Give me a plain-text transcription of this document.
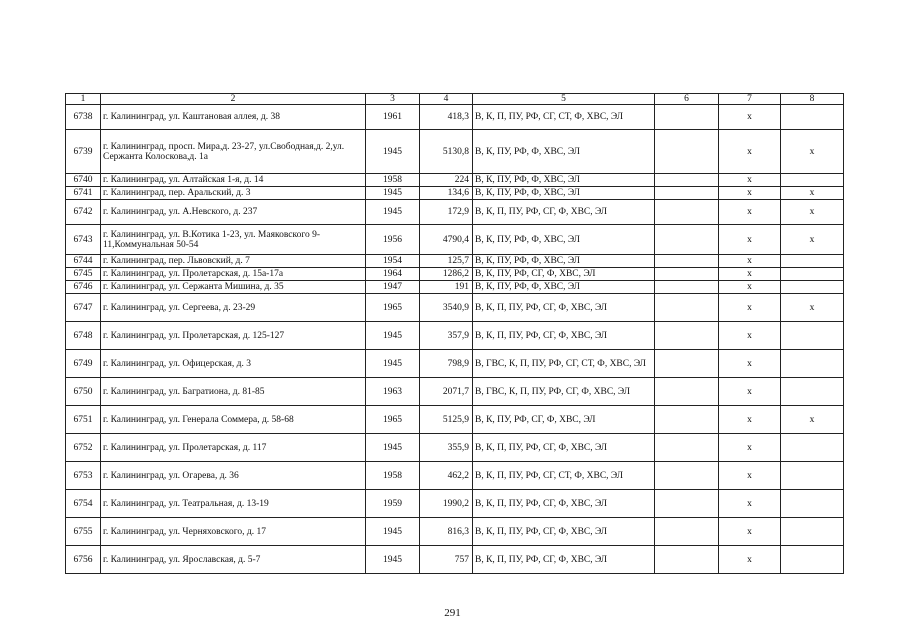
1	2	3	4	5	6	7	8
6738	г. Калининград, ул. Каштановая аллея, д. 38	1961	418,3	В, К, П, ПУ, РФ, СГ, СТ, Ф, ХВС, ЭЛ		х	
6739	г. Калининград, просп. Мира,д. 23-27, ул.Свободная,д. 2,ул. Сержанта Колоскова,д. 1а	1945	5130,8	В, К, ПУ, РФ, Ф, ХВС, ЭЛ		х	х
6740	г. Калининград, ул. Алтайская 1-я, д. 14	1958	224	В, К, ПУ, РФ, Ф, ХВС, ЭЛ		х	
6741	г. Калининград, пер. Аральский, д. 3	1945	134,6	В, К, ПУ, РФ, Ф, ХВС, ЭЛ		х	х
6742	г. Калининград, ул. А.Невского, д. 237	1945	172,9	В, К, П, ПУ, РФ, СГ, Ф, ХВС, ЭЛ		х	х
6743	г. Калининград, ул. В.Котика 1-23, ул. Маяковского 9-11,Коммунальная 50-54	1956	4790,4	В, К, ПУ, РФ, Ф, ХВС, ЭЛ		х	х
6744	г. Калининград, пер. Львовский, д. 7	1954	125,7	В, К, ПУ, РФ, Ф, ХВС, ЭЛ		х	
6745	г. Калининград, ул. Пролетарская, д. 15а-17а	1964	1286,2	В, К, ПУ, РФ, СГ, Ф, ХВС, ЭЛ		х	
6746	г. Калининград, ул. Сержанта Мишина, д. 35	1947	191	В, К, ПУ, РФ, Ф, ХВС, ЭЛ		х	
6747	г. Калининград, ул. Сергеева, д. 23-29	1965	3540,9	В, К, П, ПУ, РФ, СГ, Ф, ХВС, ЭЛ		х	х
6748	г. Калининград, ул. Пролетарская, д. 125-127	1945	357,9	В, К, П, ПУ, РФ, СГ, Ф, ХВС, ЭЛ		х	
6749	г. Калининград, ул. Офицерская, д. 3	1945	798,9	В, ГВС, К, П, ПУ, РФ, СГ, СТ, Ф, ХВС, ЭЛ		х	
6750	г. Калининград, ул. Багратиона, д. 81-85	1963	2071,7	В, ГВС, К, П, ПУ, РФ, СГ, Ф, ХВС, ЭЛ		х	
6751	г. Калининград, ул. Генерала Соммера, д. 58-68	1965	5125,9	В, К, ПУ, РФ, СГ, Ф, ХВС, ЭЛ		х	х
6752	г. Калининград, ул. Пролетарская, д. 117	1945	355,9	В, К, П, ПУ, РФ, СГ, Ф, ХВС, ЭЛ		х	
6753	г. Калининград, ул. Огарева, д. 36	1958	462,2	В, К, П, ПУ, РФ, СГ, СТ, Ф, ХВС, ЭЛ		х	
6754	г. Калининград, ул. Театральная, д. 13-19	1959	1990,2	В, К, П, ПУ, РФ, СГ, Ф, ХВС, ЭЛ		х	
6755	г. Калининград, ул. Черняховского, д. 17	1945	816,3	В, К, П, ПУ, РФ, СГ, Ф, ХВС, ЭЛ		х	
6756	г. Калининград, ул. Ярославская, д. 5-7	1945	757	В, К, П, ПУ, РФ, СГ, Ф, ХВС, ЭЛ		х	
291
